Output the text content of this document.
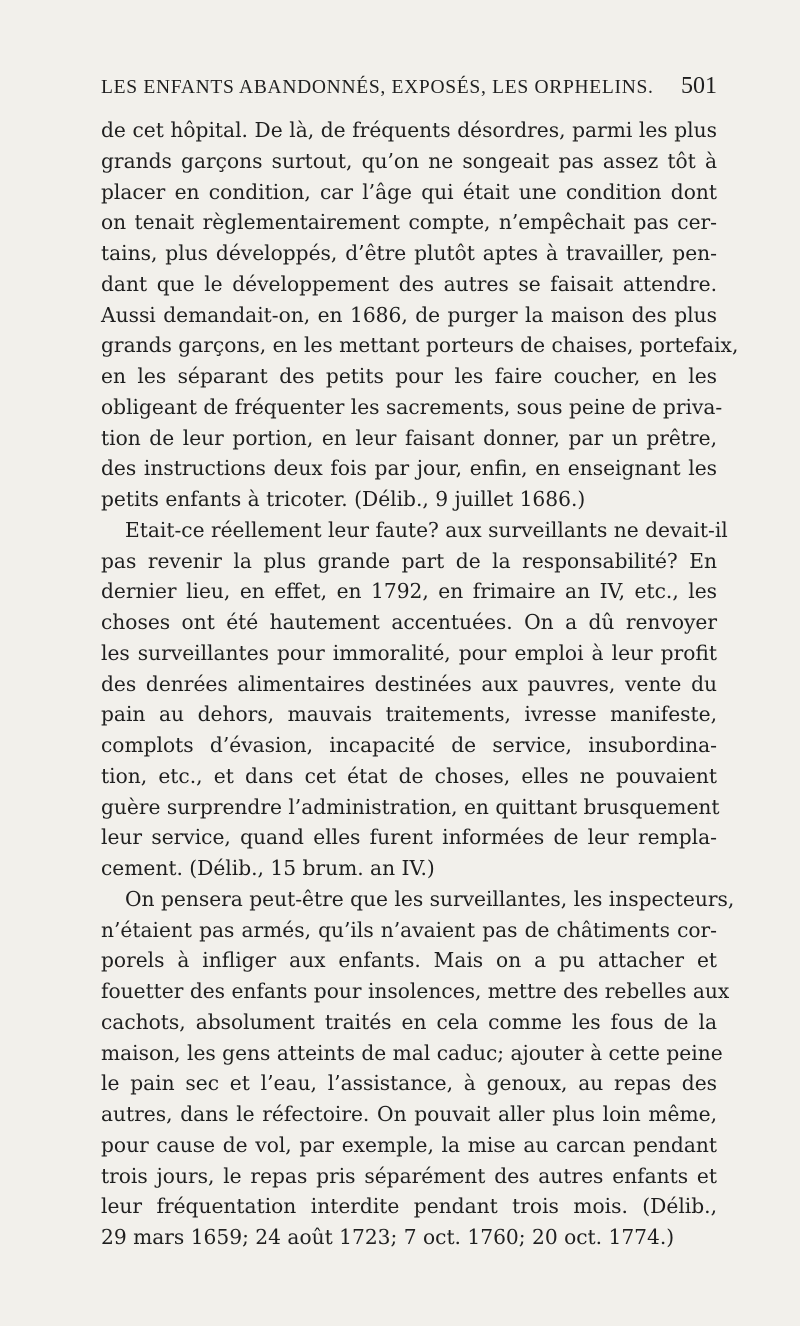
LES ENFANTS ABANDONNÉS, EXPOSÉS, LES ORPHELINS. 501
de cet hôpital. De là, de fréquents désordres, parmi les plus
grands garçons surtout, qu’on ne songeait pas assez tôt à
placer en condition, car l’âge qui était une condition dont
on tenait règlementairement compte, n’empêchait pas cer-
tains, plus développés, d’être plutôt aptes à travailler, pen-
dant que le développement des autres se faisait attendre.
Aussi demandait-on, en 1686, de purger la maison des plus
grands garçons, en les mettant porteurs de chaises, portefaix,
en les séparant des petits pour les faire coucher, en les
obligeant de fréquenter les sacrements, sous peine de priva-
tion de leur portion, en leur faisant donner, par un prêtre,
des instructions deux fois par jour, enfin, en enseignant les
petits enfants à tricoter. (Délib., 9 juillet 1686.)
Etait-ce réellement leur faute? aux surveillants ne devait-il
pas revenir la plus grande part de la responsabilité? En
dernier lieu, en effet, en 1792, en frimaire an IV, etc., les
choses ont été hautement accentuées. On a dû renvoyer
les surveillantes pour immoralité, pour emploi à leur profit
des denrées alimentaires destinées aux pauvres, vente du
pain au dehors, mauvais traitements, ivresse manifeste,
complots d’évasion, incapacité de service, insubordina-
tion, etc., et dans cet état de choses, elles ne pouvaient
guère surprendre l’administration, en quittant brusquement
leur service, quand elles furent informées de leur rempla-
cement. (Délib., 15 brum. an IV.)
On pensera peut-être que les surveillantes, les inspecteurs,
n’étaient pas armés, qu’ils n’avaient pas de châtiments cor-
porels à infliger aux enfants. Mais on a pu attacher et
fouetter des enfants pour insolences, mettre des rebelles aux
cachots, absolument traités en cela comme les fous de la
maison, les gens atteints de mal caduc; ajouter à cette peine
le pain sec et l’eau, l’assistance, à genoux, au repas des
autres, dans le réfectoire. On pouvait aller plus loin même,
pour cause de vol, par exemple, la mise au carcan pendant
trois jours, le repas pris séparément des autres enfants et
leur fréquentation interdite pendant trois mois. (Délib.,
29 mars 1659; 24 août 1723; 7 oct. 1760; 20 oct. 1774.)
